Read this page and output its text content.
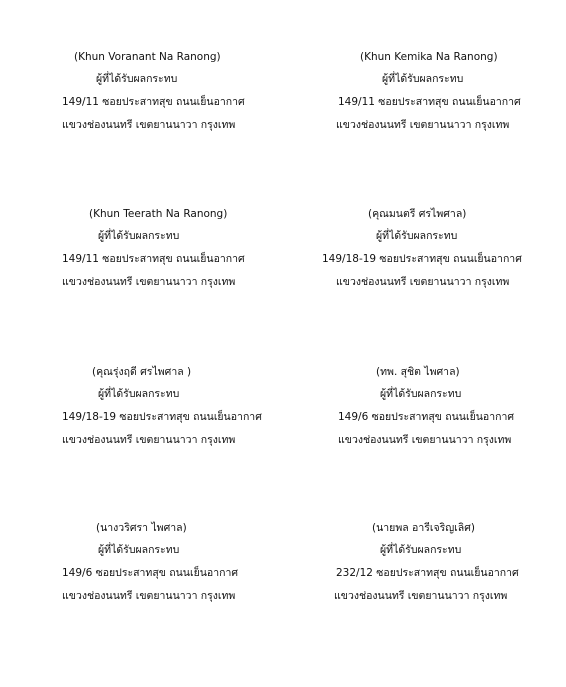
(Khun Voranant Na Ranong)
ผู้ที่ได้รับผลกระทบ
149/11 ซอยประสาทสุข ถนนเย็นอากาศ
แขวงช่องนนทรี เขตยานนาวา กรุงเทพ
(Khun Kemika Na Ranong)
ผู้ที่ได้รับผลกระทบ
149/11 ซอยประสาทสุข ถนนเย็นอากาศ
แขวงช่องนนทรี เขตยานนาวา กรุงเทพ
(Khun Teerath Na Ranong)
ผู้ที่ได้รับผลกระทบ
149/11 ซอยประสาทสุข ถนนเย็นอากาศ
แขวงช่องนนทรี เขตยานนาวา กรุงเทพ
(คุณมนตรี ศรไพศาล)
ผู้ที่ได้รับผลกระทบ
149/18-19 ซอยประสาทสุข ถนนเย็นอากาศ
แขวงช่องนนทรี เขตยานนาวา กรุงเทพ
(คุณรุ่งฤดี ศรไพศาล )
ผู้ที่ได้รับผลกระทบ
149/18-19 ซอยประสาทสุข ถนนเย็นอากาศ
แขวงช่องนนทรี เขตยานนาวา กรุงเทพ
(ทพ. สุชิต ไพศาล)
ผู้ที่ได้รับผลกระทบ
149/6 ซอยประสาทสุข ถนนเย็นอากาศ
แขวงช่องนนทรี เขตยานนาวา กรุงเทพ
(นางวริศรา ไพศาล)
ผู้ที่ได้รับผลกระทบ
149/6 ซอยประสาทสุข ถนนเย็นอากาศ
แขวงช่องนนทรี เขตยานนาวา กรุงเทพ
(นายพล อารีเจริญเลิศ)
ผู้ที่ได้รับผลกระทบ
232/12 ซอยประสาทสุข ถนนเย็นอากาศ
แขวงช่องนนทรี เขตยานนาวา กรุงเทพ
